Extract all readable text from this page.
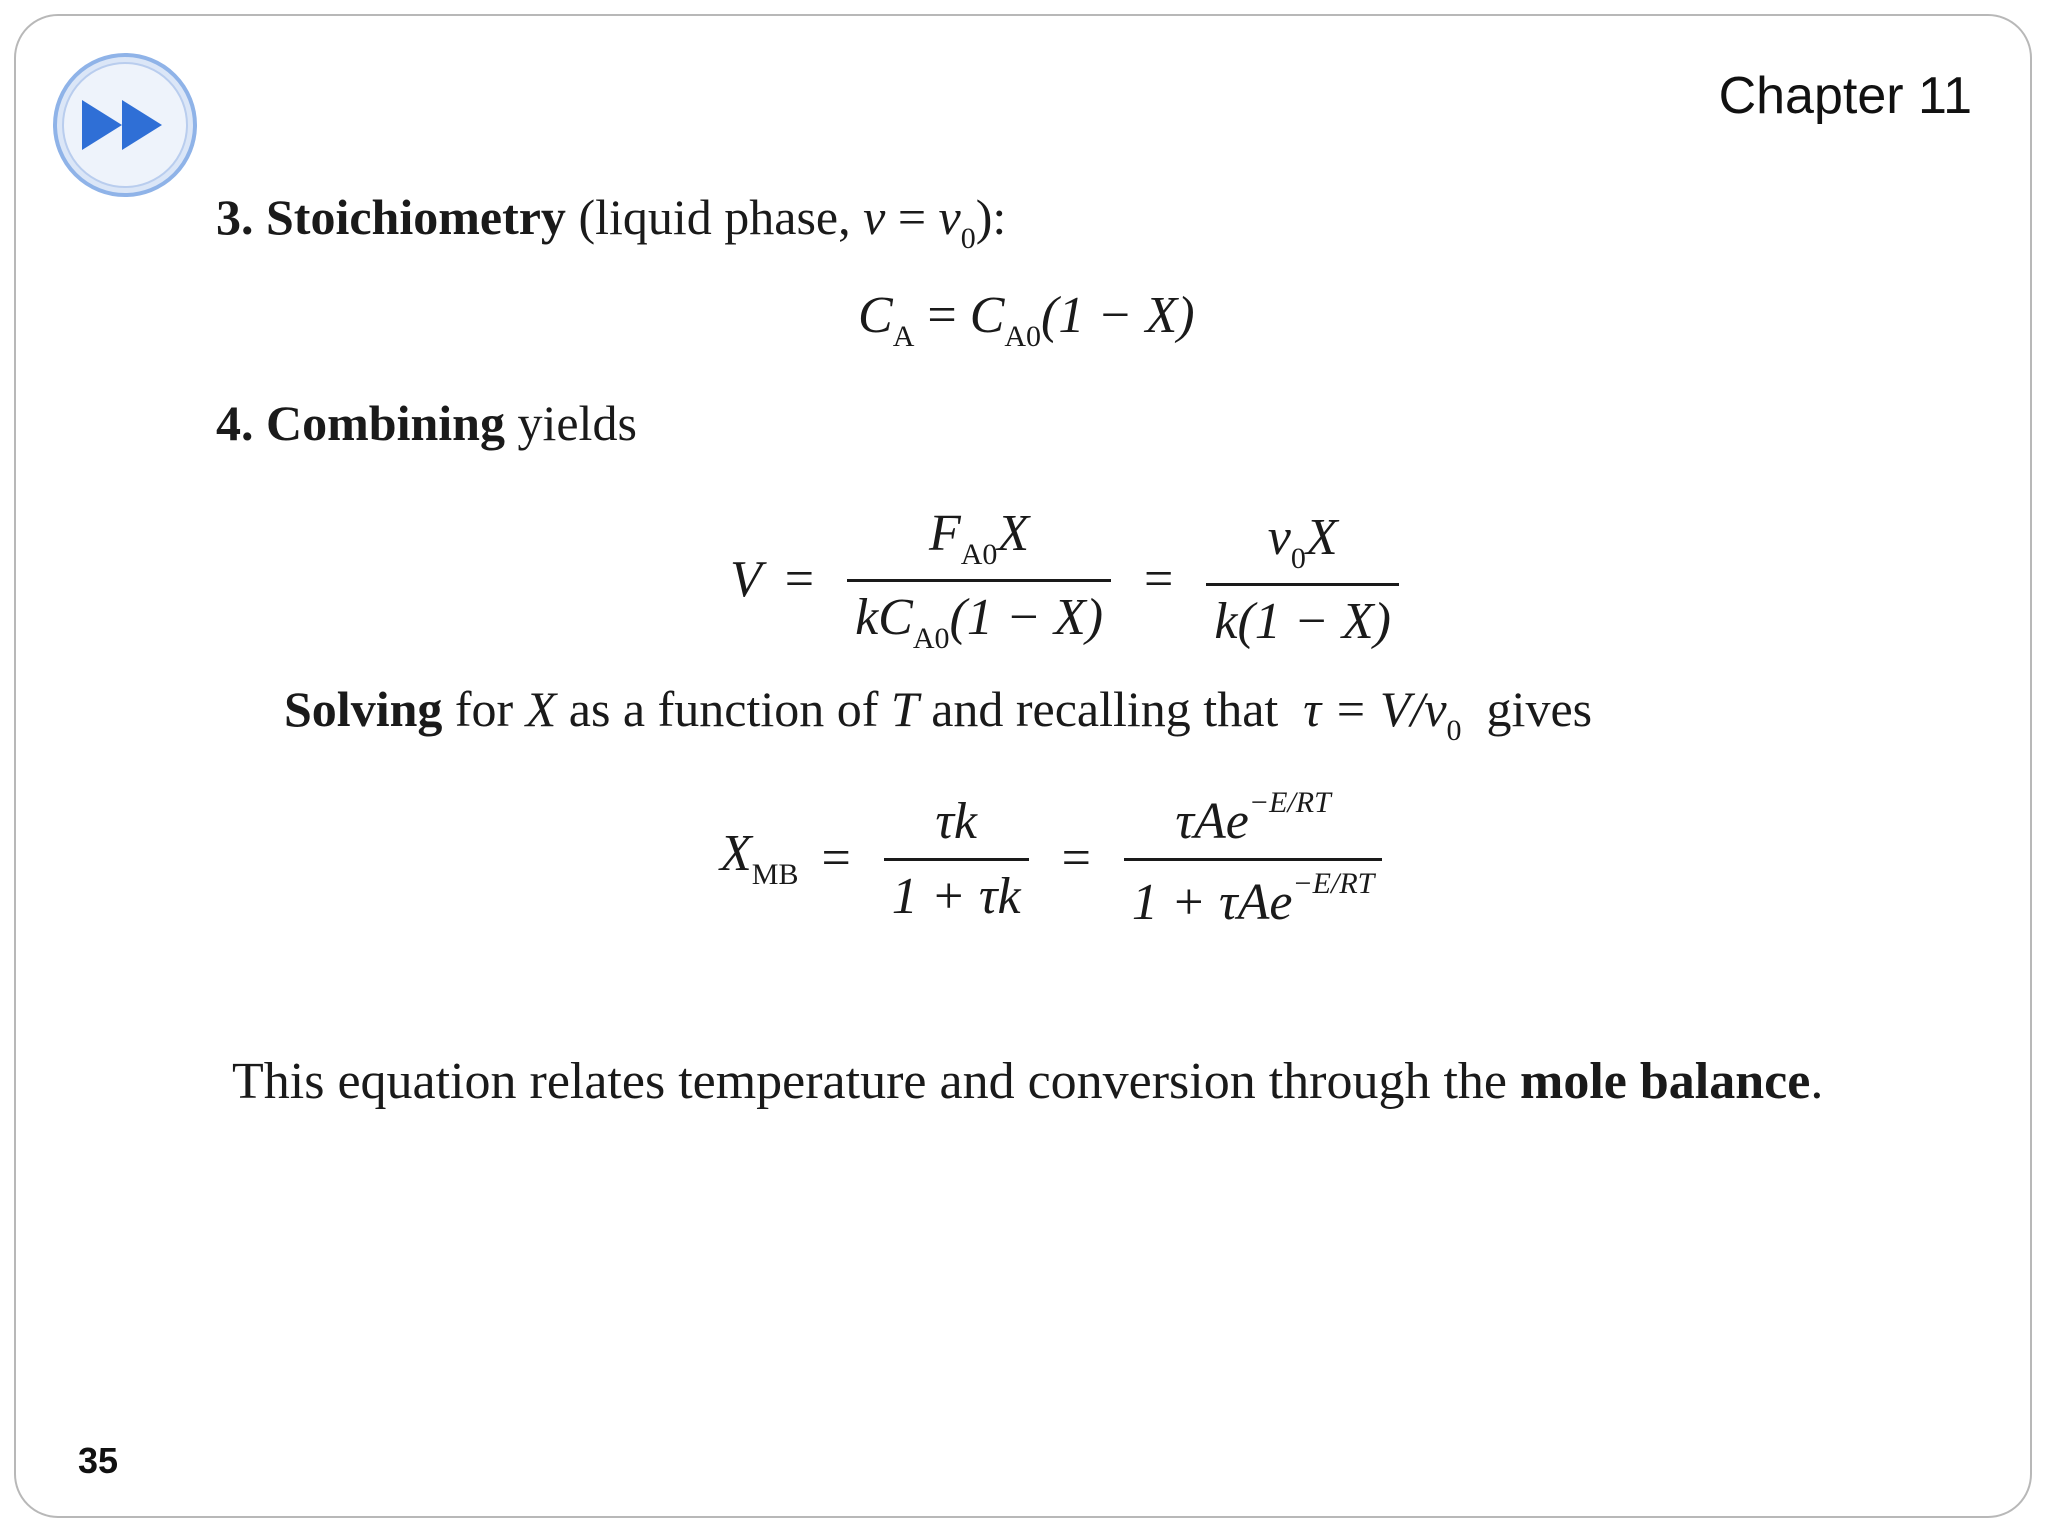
Chapter 11
3. Stoichiometry (liquid phase, $v = v_0$):
$C_A = C_{A0}(1 - X)$
4. Combining yields
$V = \frac{F_{A0}X}{kC_{A0}(1 - X)} = \frac{v_0X}{k(1 - X)}$
Solving for X as a function of T and recalling that $\tau = V/v_0$ gives
$X_{MB} = \frac{\tau k}{1 + \tau k} = \frac{\tau Ae^{-E/RT}}{1 + \tau Ae^{-E/RT}}$
This equation relates temperature and conversion through the mole balance.
35
